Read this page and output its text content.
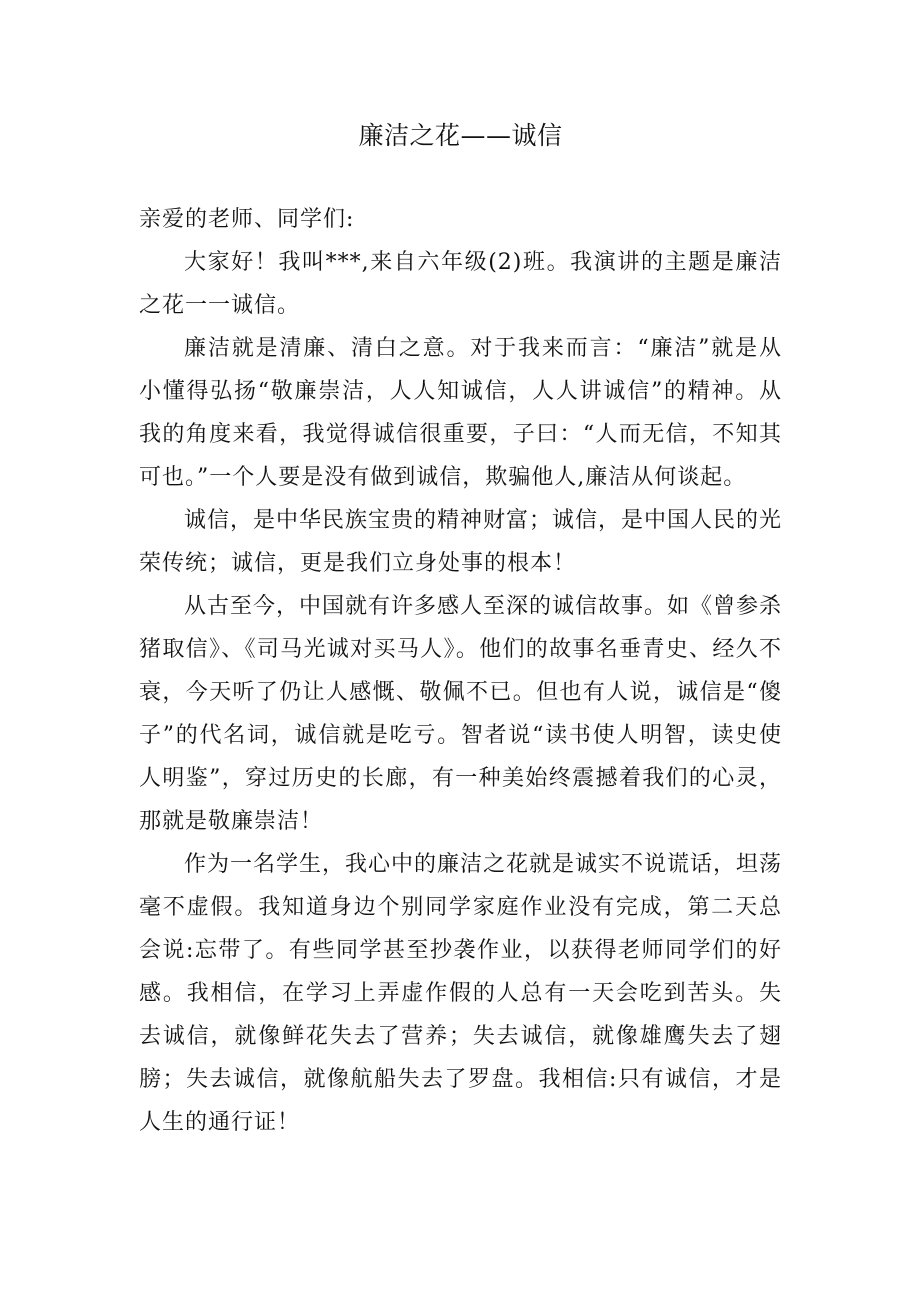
廉洁之花——诚信

亲爱的老师、同学们:

大家好！我叫***,来自六年级(2)班。我演讲的主题是廉洁之花一一诚信。

廉洁就是清廉、清白之意。对于我来而言：“廉洁”就是从小懂得弘扬“敬廉崇洁，人人知诚信，人人讲诚信”的精神。从我的角度来看，我觉得诚信很重要，子曰：“人而无信，不知其可也。”一个人要是没有做到诚信，欺骗他人,廉洁从何谈起。

诚信，是中华民族宝贵的精神财富；诚信，是中国人民的光荣传统；诚信，更是我们立身处事的根本！

从古至今，中国就有许多感人至深的诚信故事。如《曾参杀猪取信》、《司马光诚对买马人》。他们的故事名垂青史、经久不衰，今天听了仍让人感慨、敬佩不已。但也有人说，诚信是“傻子”的代名词，诚信就是吃亏。智者说“读书使人明智，读史使人明鉴”，穿过历史的长廊，有一种美始终震撼着我们的心灵，那就是敬廉崇洁！

作为一名学生，我心中的廉洁之花就是诚实不说谎话，坦荡毫不虚假。我知道身边个别同学家庭作业没有完成，第二天总会说:忘带了。有些同学甚至抄袭作业，以获得老师同学们的好感。我相信，在学习上弄虚作假的人总有一天会吃到苦头。失去诚信，就像鲜花失去了营养；失去诚信，就像雄鹰失去了翅膀；失去诚信，就像航船失去了罗盘。我相信:只有诚信，才是人生的通行证！
